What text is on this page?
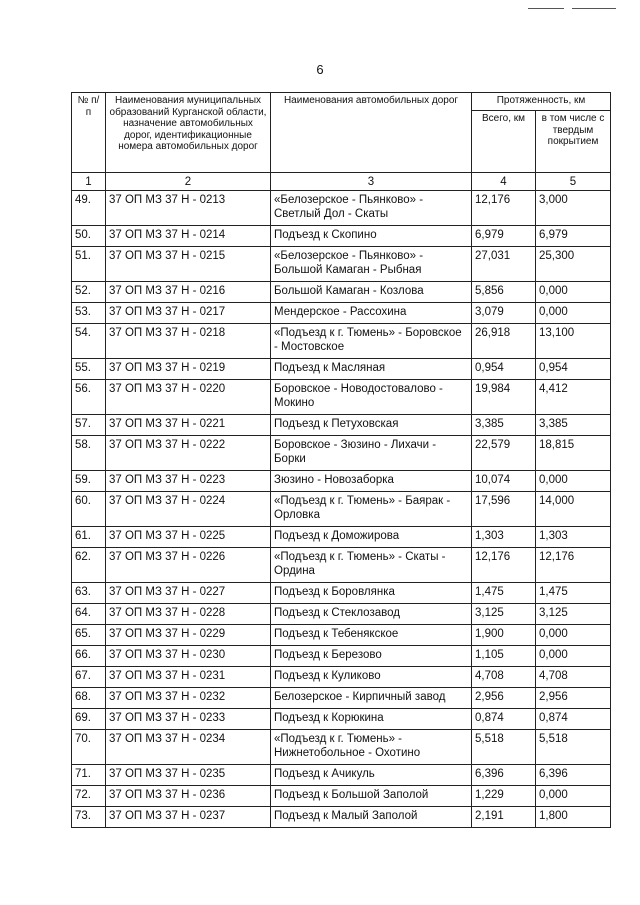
6
№ п/п	Наименования муниципальных образований Курганской области, назначение автомобильных дорог, идентификационные номера автомобильных дорог	Наименования автомобильных дорог	Протяженность, км	
			Всего, км	в том числе с твердым покрытием
1	2	3	4	5
49.	37 ОП МЗ 37 Н - 0213	«Белозерское - Пьянково» - Светлый Дол - Скаты	12,176	3,000
50.	37 ОП МЗ 37 Н - 0214	Подъезд к Скопино	6,979	6,979
51.	37 ОП МЗ 37 Н - 0215	«Белозерское - Пьянково» - Большой Камаган - Рыбная	27,031	25,300
52.	37 ОП МЗ 37 Н - 0216	Большой Камаган - Козлова	5,856	0,000
53.	37 ОП МЗ 37 Н - 0217	Мендерское - Рассохина	3,079	0,000
54.	37 ОП МЗ 37 Н - 0218	«Подъезд к г. Тюмень» - Боровское - Мостовское	26,918	13,100
55.	37 ОП МЗ 37 Н - 0219	Подъезд к Масляная	0,954	0,954
56.	37 ОП МЗ 37 Н - 0220	Боровское - Новодостовалово - Мокино	19,984	4,412
57.	37 ОП МЗ 37 Н - 0221	Подъезд к Петуховская	3,385	3,385
58.	37 ОП МЗ 37 Н - 0222	Боровское - Зюзино - Лихачи - Борки	22,579	18,815
59.	37 ОП МЗ 37 Н - 0223	Зюзино - Новозаборка	10,074	0,000
60.	37 ОП МЗ 37 Н - 0224	«Подъезд к г. Тюмень» - Баярак - Орловка	17,596	14,000
61.	37 ОП МЗ 37 Н - 0225	Подъезд к Доможирова	1,303	1,303
62.	37 ОП МЗ 37 Н - 0226	«Подъезд к г. Тюмень» - Скаты - Ордина	12,176	12,176
63.	37 ОП МЗ 37 Н - 0227	Подъезд к Боровлянка	1,475	1,475
64.	37 ОП МЗ 37 Н - 0228	Подъезд к Стеклозавод	3,125	3,125
65.	37 ОП МЗ 37 Н - 0229	Подъезд к Тебенякское	1,900	0,000
66.	37 ОП МЗ 37 Н - 0230	Подъезд к Березово	1,105	0,000
67.	37 ОП МЗ 37 Н - 0231	Подъезд к Куликово	4,708	4,708
68.	37 ОП МЗ 37 Н - 0232	Белозерское - Кирпичный завод	2,956	2,956
69.	37 ОП МЗ 37 Н - 0233	Подъезд к Корюкина	0,874	0,874
70.	37 ОП МЗ 37 Н - 0234	«Подъезд к г. Тюмень» - Нижнетобольное - Охотино	5,518	5,518
71.	37 ОП МЗ 37 Н - 0235	Подъезд к Ачикуль	6,396	6,396
72.	37 ОП МЗ 37 Н - 0236	Подъезд к Большой Заполой	1,229	0,000
73.	37 ОП МЗ 37 Н - 0237	Подъезд к Малый Заполой	2,191	1,800
